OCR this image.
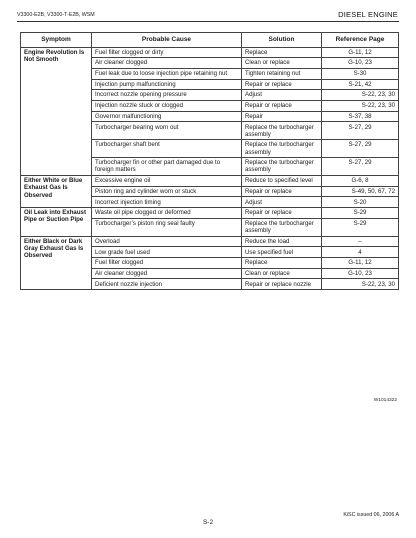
V3300-E2B, V3300-T-E2B, WSM	DIESEL ENGINE
Symptom	Probable Cause	Solution	Reference Page
Engine Revolution Is Not Smooth	Fuel filter clogged or dirty	Replace	G-11, 12
	Air cleaner clogged	Clean or replace	G-10, 23
	Fuel leak due to loose injection pipe retaining nut	Tighten retaining nut	S-30
	Injection pump malfunctioning	Repair or replace	S-21, 42
	Incorrect nozzle opening pressure	Adjust	S-22, 23, 30
	Injection nozzle stuck or clogged	Repair or replace	S-22, 23, 30
	Governor malfunctioning	Repair	S-37, 38
	Turbocharger bearing worn out	Replace the turbocharger assembly	S-27, 29
	Turbocharger shaft bent	Replace the turbocharger assembly	S-27, 29
	Turbocharger fin or other part damaged due to foreign matters	Replace the turbocharger assembly	S-27, 29
Either White or Blue Exhaust Gas Is Observed	Excessive engine oil	Reduce to specified level	G-6, 8
	Piston ring and cylinder worn or stuck	Repair or replace	S-49, 50, 67, 72
	Incorrect injection timing	Adjust	S-20
Oil Leak into Exhaust Pipe or Suction Pipe	Waste oil pipe clogged or deformed	Repair or replace	S-29
	Turbocharger’s piston ring seal faulty	Replace the turbocharger assembly	S-29
Either Black or Dark Gray Exhaust Gas Is Observed	Overload	Reduce the load	–
	Low grade fuel used	Use specified fuel	4
	Fuel filter clogged	Replace	G-11, 12
	Air cleaner clogged	Clean or replace	G-10, 23
	Deficient nozzle injection	Repair or replace nozzle	S-22, 23, 30
W1014322
KiSC issued 06, 2006 A
S-2
